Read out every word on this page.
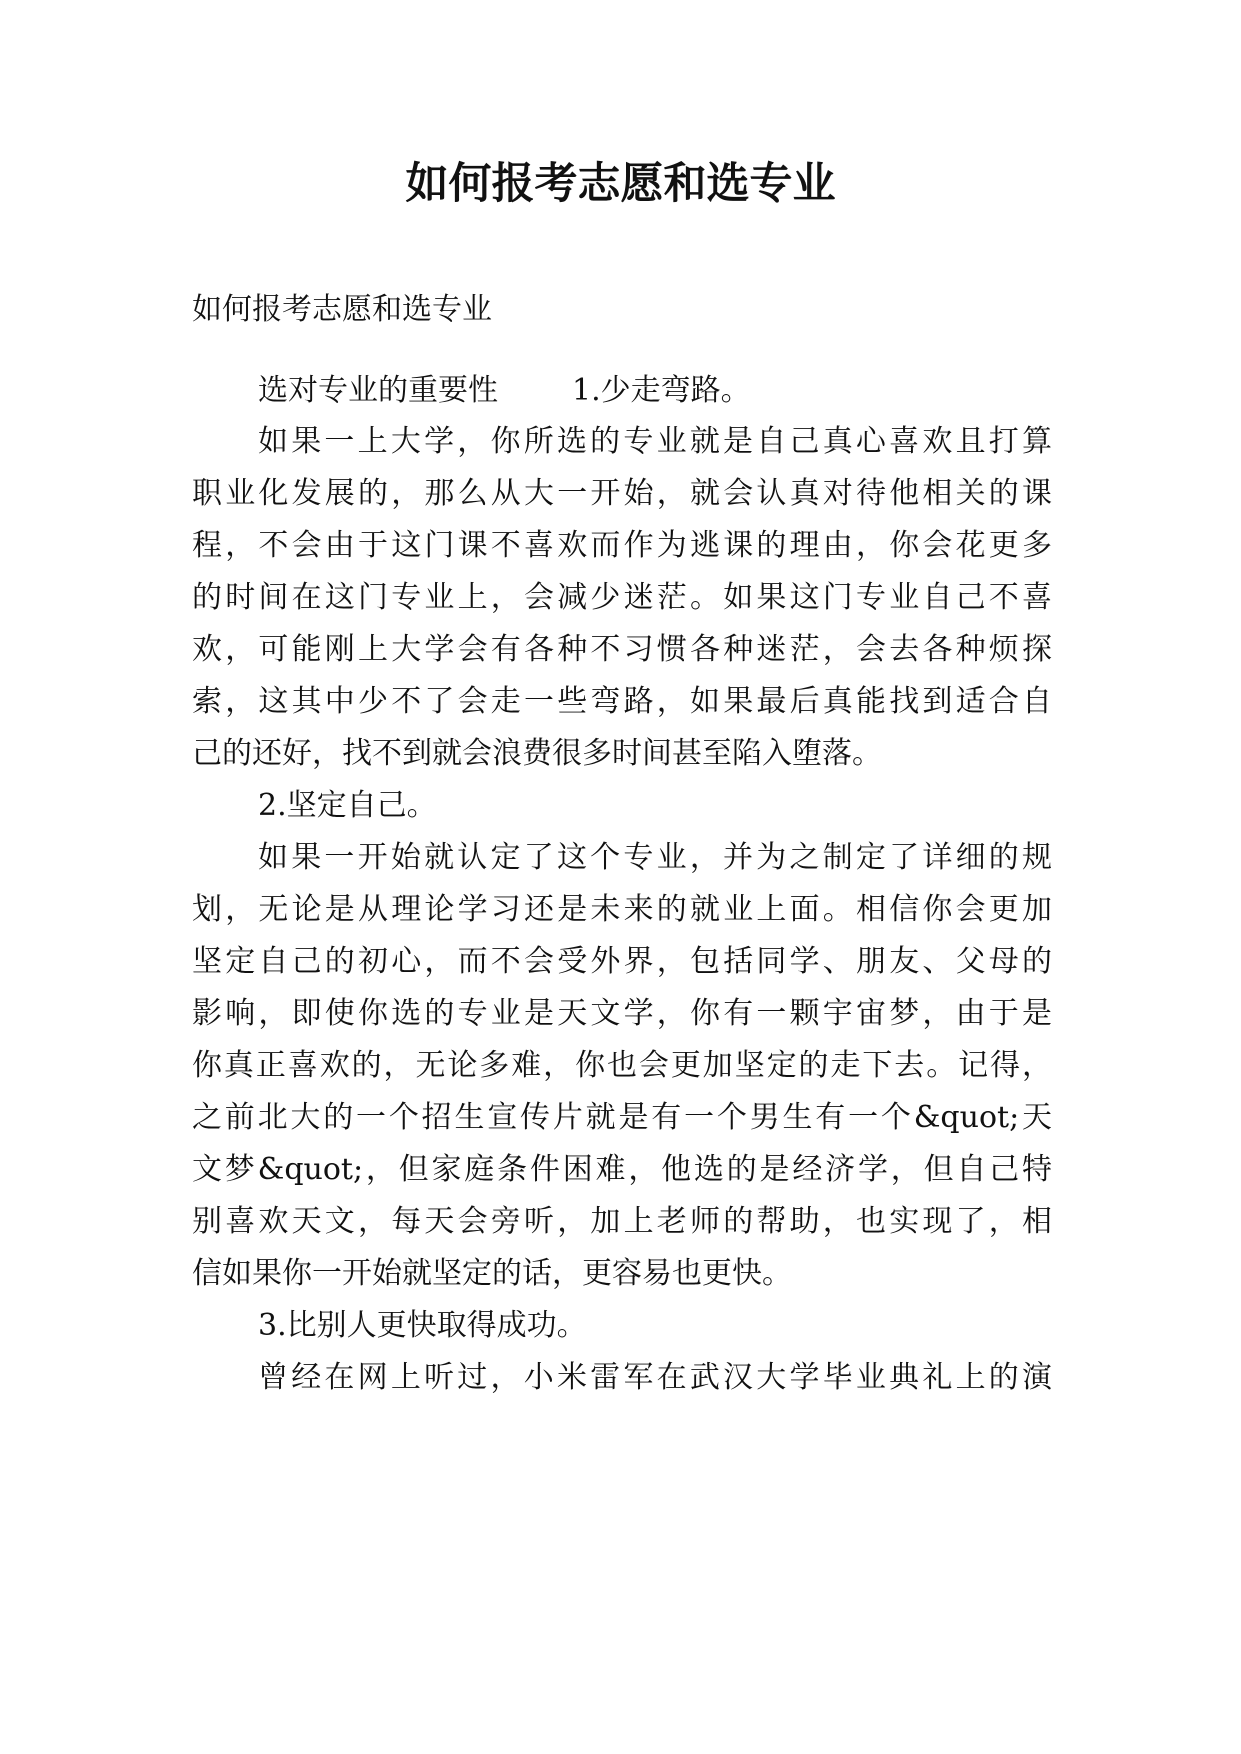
如何报考志愿和选专业

如何报考志愿和选专业

选对专业的重要性 1.少走弯路。

如果一上大学，你所选的专业就是自己真心喜欢且打算

职业化发展的，那么从大一开始，就会认真对待他相关的课

程，不会由于这门课不喜欢而作为逃课的理由，你会花更多

的时间在这门专业上，会减少迷茫。如果这门专业自己不喜

欢，可能刚上大学会有各种不习惯各种迷茫，会去各种烦探

索，这其中少不了会走一些弯路，如果最后真能找到适合自

己的还好，找不到就会浪费很多时间甚至陷入堕落。

2.坚定自己。

如果一开始就认定了这个专业，并为之制定了详细的规

划，无论是从理论学习还是未来的就业上面。相信你会更加

坚定自己的初心，而不会受外界，包括同学、朋友、父母的

影响，即使你选的专业是天文学，你有一颗宇宙梦，由于是

你真正喜欢的，无论多难，你也会更加坚定的走下去。记得，

之前北大的一个招生宣传片就是有一个男生有一个&quot;天

文梦&quot;，但家庭条件困难，他选的是经济学，但自己特

别喜欢天文，每天会旁听，加上老师的帮助，也实现了，相

信如果你一开始就坚定的话，更容易也更快。

3.比别人更快取得成功。

曾经在网上听过，小米雷军在武汉大学毕业典礼上的演
